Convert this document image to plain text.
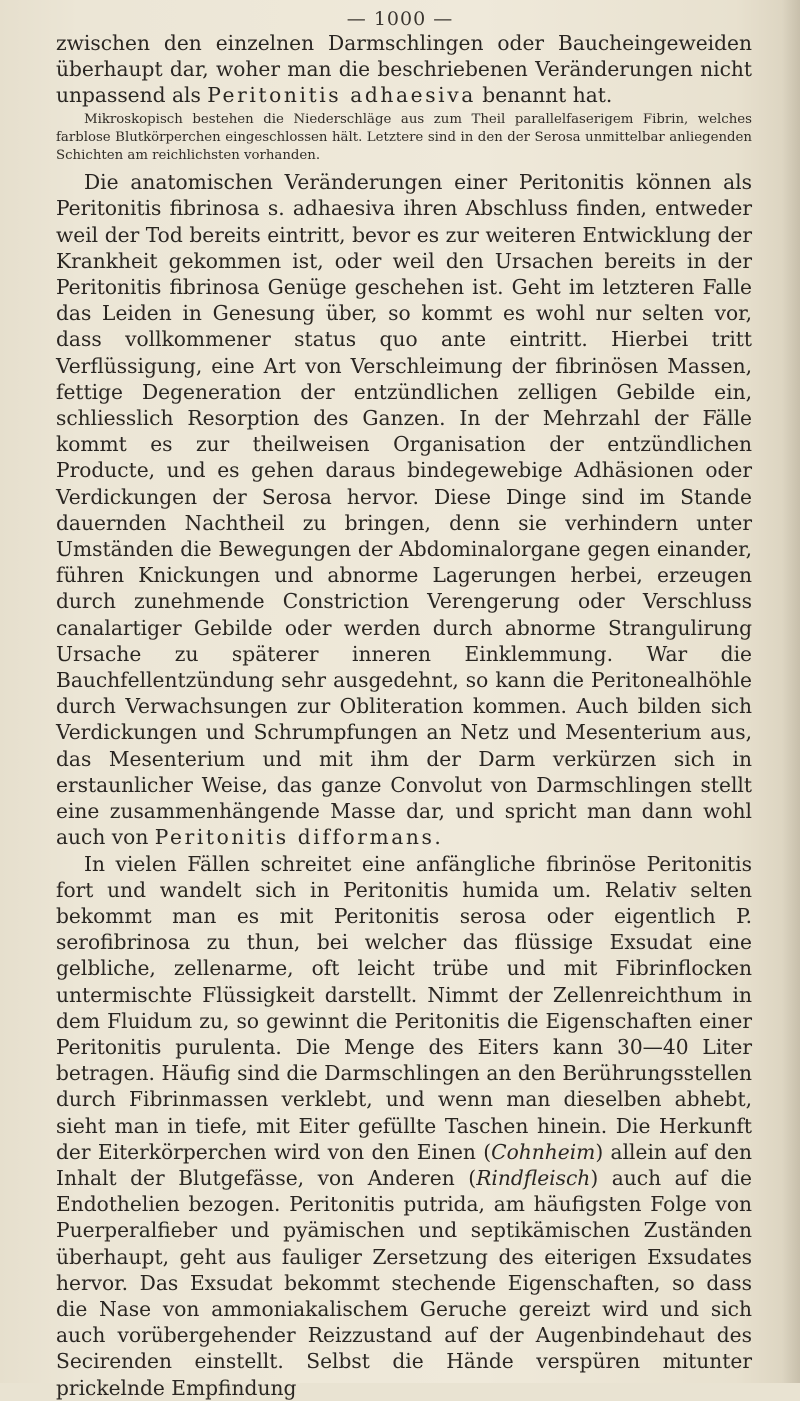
— 1000 —

zwischen den einzelnen Darmschlingen oder Baucheingeweiden überhaupt dar, woher man die beschriebenen Veränderungen nicht unpassend als Peritonitis adhaesiva benannt hat.

Mikroskopisch bestehen die Niederschläge aus zum Theil parallelfaserigem Fibrin, welches farblose Blutkörperchen eingeschlossen hält. Letztere sind in den der Serosa unmittelbar anliegenden Schichten am reichlichsten vorhanden.

Die anatomischen Veränderungen einer Peritonitis können als Peritonitis fibrinosa s. adhaesiva ihren Abschluss finden, entweder weil der Tod bereits eintritt, bevor es zur weiteren Entwicklung der Krankheit gekommen ist, oder weil den Ursachen bereits in der Peritonitis fibrinosa Genüge geschehen ist. Geht im letzteren Falle das Leiden in Genesung über, so kommt es wohl nur selten vor, dass vollkommener status quo ante eintritt. Hierbei tritt Verflüssigung, eine Art von Verschleimung der fibrinösen Massen, fettige Degeneration der entzündlichen zelligen Gebilde ein, schliesslich Resorption des Ganzen. In der Mehrzahl der Fälle kommt es zur theilweisen Organisation der entzündlichen Producte, und es gehen daraus bindegewebige Adhäsionen oder Verdickungen der Serosa hervor. Diese Dinge sind im Stande dauernden Nachtheil zu bringen, denn sie verhindern unter Umständen die Bewegungen der Abdominalorgane gegen einander, führen Knickungen und abnorme Lagerungen herbei, erzeugen durch zunehmende Constriction Verengerung oder Verschluss canalartiger Gebilde oder werden durch abnorme Strangulirung Ursache zu späterer inneren Einklemmung. War die Bauchfellentzündung sehr ausgedehnt, so kann die Peritonealhöhle durch Verwachsungen zur Obliteration kommen. Auch bilden sich Verdickungen und Schrumpfungen an Netz und Mesenterium aus, das Mesenterium und mit ihm der Darm verkürzen sich in erstaunlicher Weise, das ganze Convolut von Darmschlingen stellt eine zusammenhängende Masse dar, und spricht man dann wohl auch von Peritonitis difformans.

In vielen Fällen schreitet eine anfängliche fibrinöse Peritonitis fort und wandelt sich in Peritonitis humida um. Relativ selten bekommt man es mit Peritonitis serosa oder eigentlich P. serofibrinosa zu thun, bei welcher das flüssige Exsudat eine gelbliche, zellenarme, oft leicht trübe und mit Fibrinflocken untermischte Flüssigkeit darstellt. Nimmt der Zellenreichthum in dem Fluidum zu, so gewinnt die Peritonitis die Eigenschaften einer Peritonitis purulenta. Die Menge des Eiters kann 30—40 Liter betragen. Häufig sind die Darmschlingen an den Berührungsstellen durch Fibrinmassen verklebt, und wenn man dieselben abhebt, sieht man in tiefe, mit Eiter gefüllte Taschen hinein. Die Herkunft der Eiterkörperchen wird von den Einen (Cohnheim) allein auf den Inhalt der Blutgefässe, von Anderen (Rindfleisch) auch auf die Endothelien bezogen. Peritonitis putrida, am häufigsten Folge von Puerperalfieber und pyämischen und septikämischen Zuständen überhaupt, geht aus fauliger Zersetzung des eiterigen Exsudates hervor. Das Exsudat bekommt stechende Eigenschaften, so dass die Nase von ammoniakalischem Geruche gereizt wird und sich auch vorübergehender Reizzustand auf der Augenbindehaut des Secirenden einstellt. Selbst die Hände verspüren mitunter prickelnde Empfindung
